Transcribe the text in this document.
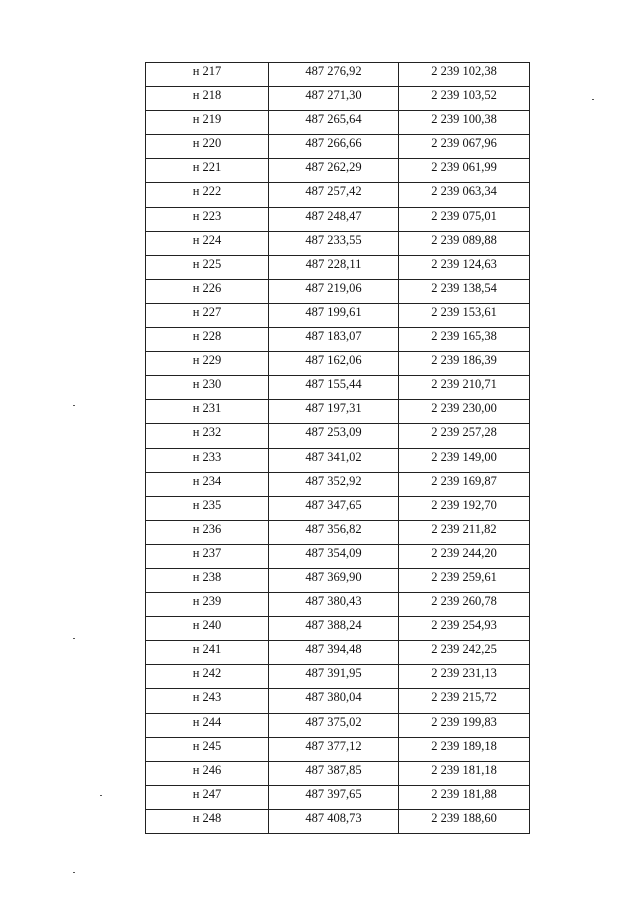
н 217	487 276,92	2 239 102,38
н 218	487 271,30	2 239 103,52
н 219	487 265,64	2 239 100,38
н 220	487 266,66	2 239 067,96
н 221	487 262,29	2 239 061,99
н 222	487 257,42	2 239 063,34
н 223	487 248,47	2 239 075,01
н 224	487 233,55	2 239 089,88
н 225	487 228,11	2 239 124,63
н 226	487 219,06	2 239 138,54
н 227	487 199,61	2 239 153,61
н 228	487 183,07	2 239 165,38
н 229	487 162,06	2 239 186,39
н 230	487 155,44	2 239 210,71
н 231	487 197,31	2 239 230,00
н 232	487 253,09	2 239 257,28
н 233	487 341,02	2 239 149,00
н 234	487 352,92	2 239 169,87
н 235	487 347,65	2 239 192,70
н 236	487 356,82	2 239 211,82
н 237	487 354,09	2 239 244,20
н 238	487 369,90	2 239 259,61
н 239	487 380,43	2 239 260,78
н 240	487 388,24	2 239 254,93
н 241	487 394,48	2 239 242,25
н 242	487 391,95	2 239 231,13
н 243	487 380,04	2 239 215,72
н 244	487 375,02	2 239 199,83
н 245	487 377,12	2 239 189,18
н 246	487 387,85	2 239 181,18
н 247	487 397,65	2 239 181,88
н 248	487 408,73	2 239 188,60
